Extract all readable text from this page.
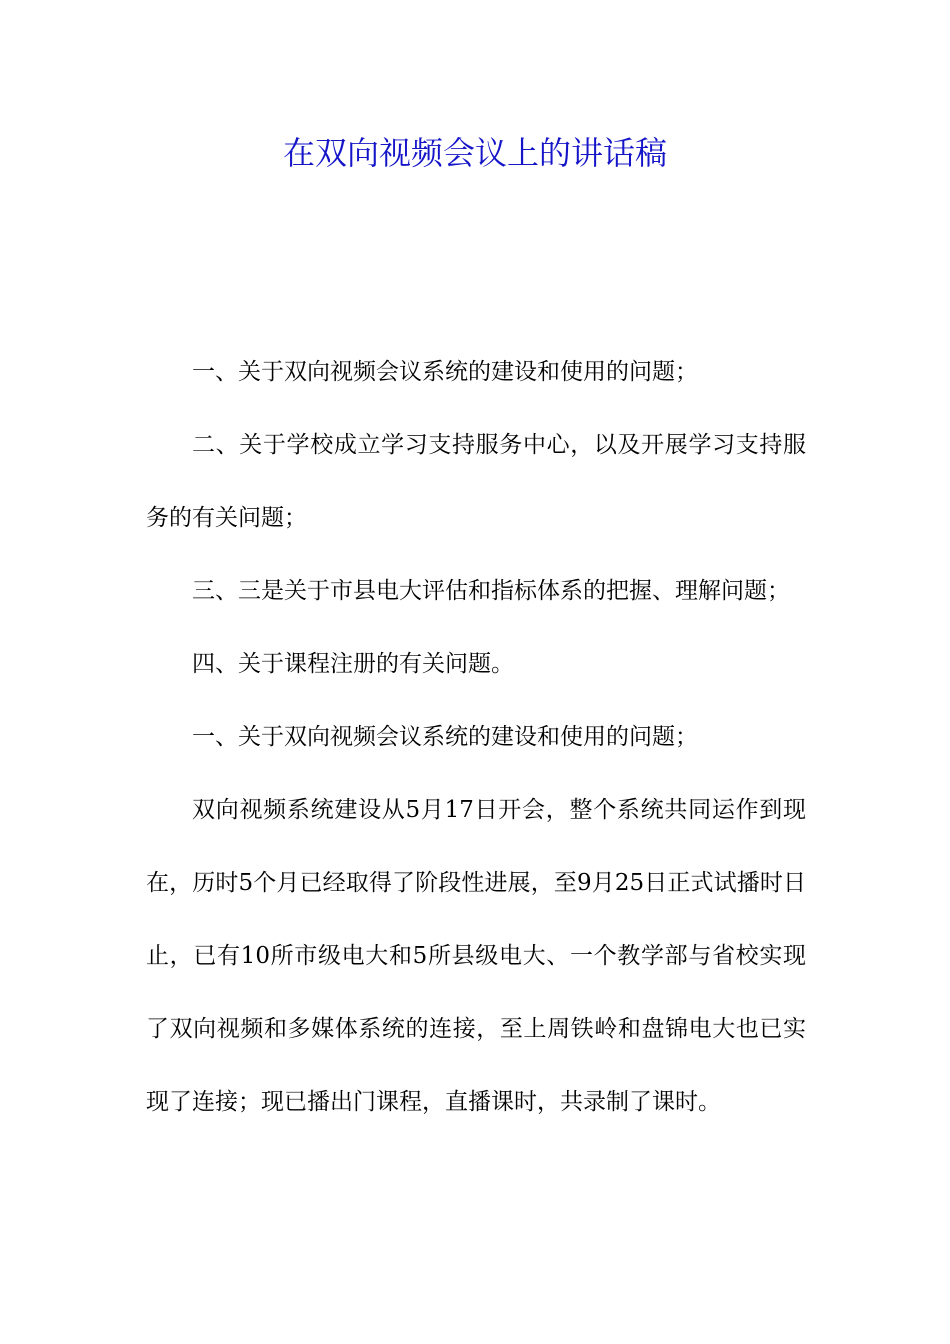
在双向视频会议上的讲话稿

一、关于双向视频会议系统的建设和使用的问题；

二、关于学校成立学习支持服务中心，以及开展学习支持服务的有关问题；

三、三是关于市县电大评估和指标体系的把握、理解问题；

四、关于课程注册的有关问题。

一、关于双向视频会议系统的建设和使用的问题；

双向视频系统建设从5月17日开会，整个系统共同运作到现在，历时5个月已经取得了阶段性进展，至9月25日正式试播时日止，已有10所市级电大和5所县级电大、一个教学部与省校实现了双向视频和多媒体系统的连接，至上周铁岭和盘锦电大也已实现了连接；现已播出门课程，直播课时，共录制了课时。
